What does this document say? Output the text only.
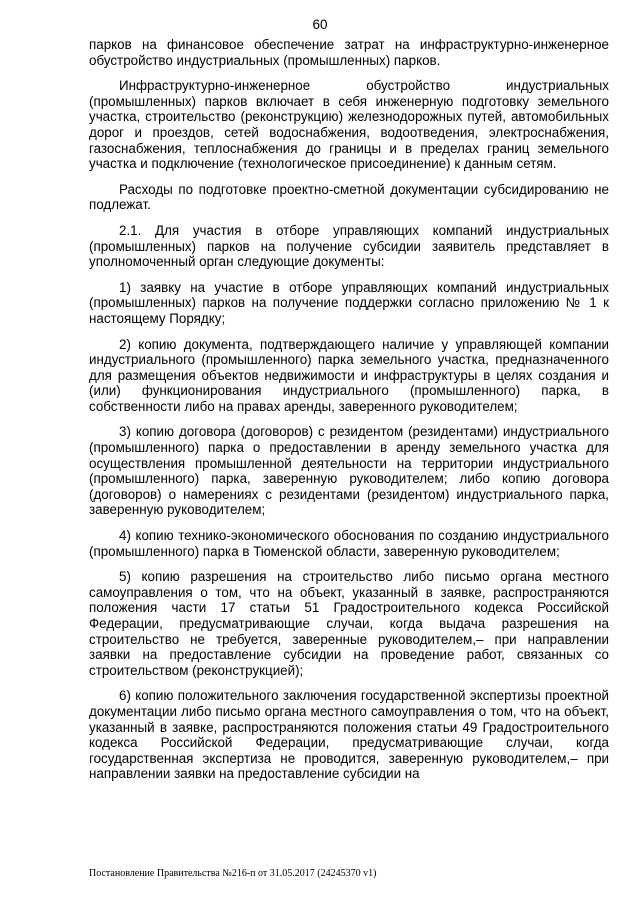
60

парков на финансовое обеспечение затрат на инфраструктурно-инженерное обустройство индустриальных (промышленных) парков.

Инфраструктурно-инженерное обустройство индустриальных (промышленных) парков включает в себя инженерную подготовку земельного участка, строительство (реконструкцию) железнодорожных путей, автомобильных дорог и проездов, сетей водоснабжения, водоотведения, электроснабжения, газоснабжения, теплоснабжения до границы и в пределах границ земельного участка и подключение (технологическое присоединение) к данным сетям.

Расходы по подготовке проектно-сметной документации субсидированию не подлежат.

2.1. Для участия в отборе управляющих компаний индустриальных (промышленных) парков на получение субсидии заявитель представляет в уполномоченный орган следующие документы:

1) заявку на участие в отборе управляющих компаний индустриальных (промышленных) парков на получение поддержки согласно приложению № 1 к настоящему Порядку;

2) копию документа, подтверждающего наличие у управляющей компании индустриального (промышленного) парка земельного участка, предназначенного для размещения объектов недвижимости и инфраструктуры в целях создания и (или) функционирования индустриального (промышленного) парка, в собственности либо на правах аренды, заверенного руководителем;

3) копию договора (договоров) с резидентом (резидентами) индустриального (промышленного) парка о предоставлении в аренду земельного участка для осуществления промышленной деятельности на территории индустриального (промышленного) парка, заверенную руководителем; либо копию договора (договоров) о намерениях с резидентами (резидентом) индустриального парка, заверенную руководителем;

4) копию технико-экономического обоснования по созданию индустриального (промышленного) парка в Тюменской области, заверенную руководителем;

5) копию разрешения на строительство либо письмо органа местного самоуправления о том, что на объект, указанный в заявке, распространяются положения части 17 статьи 51 Градостроительного кодекса Российской Федерации, предусматривающие случаи, когда выдача разрешения на строительство не требуется, заверенные руководителем,– при направлении заявки на предоставление субсидии на проведение работ, связанных со строительством (реконструкцией);

6) копию положительного заключения государственной экспертизы проектной документации либо письмо органа местного самоуправления о том, что на объект, указанный в заявке, распространяются положения статьи 49 Градостроительного кодекса Российской Федерации, предусматривающие случаи, когда государственная экспертиза не проводится, заверенную руководителем,– при направлении заявки на предоставление субсидии на

Постановление Правительства №216-п от 31.05.2017 (24245370 v1)
